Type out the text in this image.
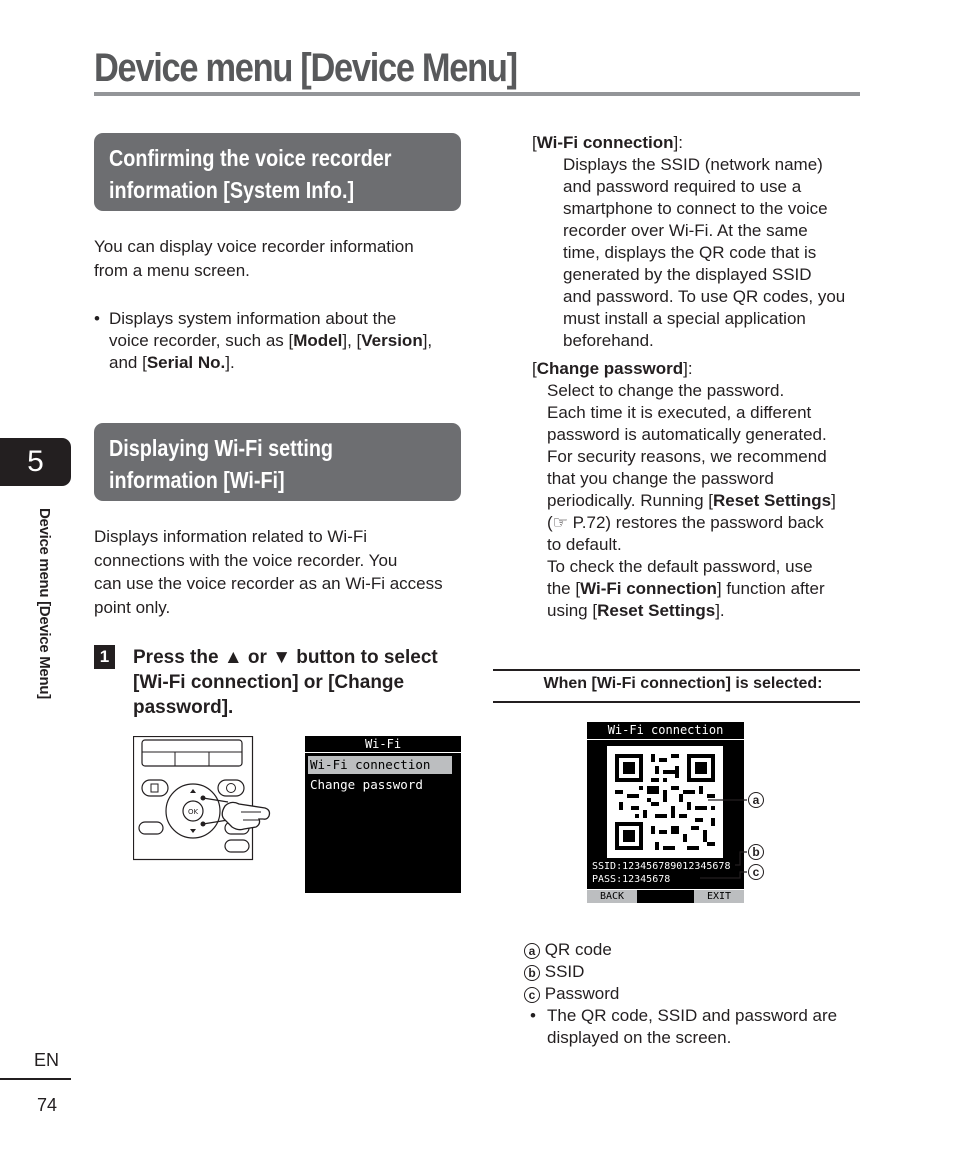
Device menu [Device Menu]
5
Device menu [Device Menu]
EN
74
Confirming the voice recorder
information [System Info.]
You can display voice recorder information
from a menu screen.
• Displays system information about the
voice recorder, such as [Model], [Version],
and [Serial No.].
Displaying Wi-Fi setting
information [Wi-Fi]
Displays information related to Wi-Fi
connections with the voice recorder. You
can use the voice recorder as an Wi-Fi access
point only.
1	Press the ▲ or ▼ button to select
[Wi-Fi connection] or [Change
password].
OK
Wi-Fi
Wi-Fi connection
Change password
[Wi-Fi connection]:
Displays the SSID (network name)
and password required to use a
smartphone to connect to the voice
recorder over Wi-Fi. At the same
time, displays the QR code that is
generated by the displayed SSID
and password. To use QR codes, you
must install a special application
beforehand.
[Change password]:
Select to change the password.
Each time it is executed, a different
password is automatically generated.
For security reasons, we recommend
that you change the password
periodically. Running [Reset Settings]
(☞ P.72) restores the password back
to default.
To check the default password, use
the [Wi-Fi connection] function after
using [Reset Settings].
When [Wi-Fi connection] is selected:
Wi-Fi connection
SSID:123456789012345678
PASS:12345678
BACK	EXIT
a
b
c
a QR code
b SSID
c Password
• The QR code, SSID and password are
displayed on the screen.
